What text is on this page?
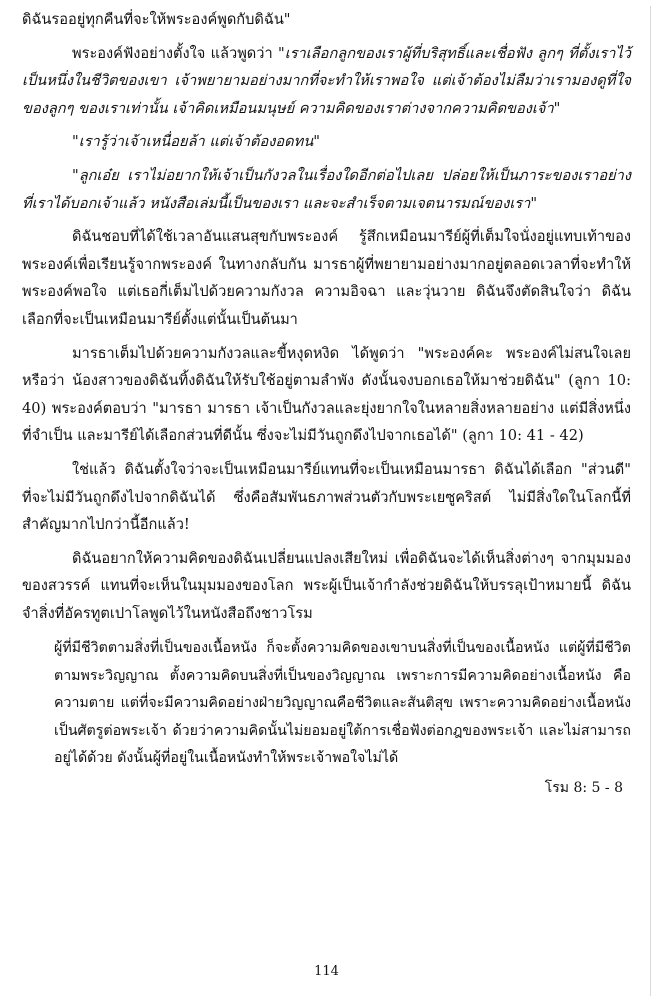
ดิฉันรออยู่ทุกคืนที่จะให้พระองค์พูดกับดิฉัน"

พระองค์ฟังอย่างตั้งใจ แล้วพูดว่า "เราเลือกลูกของเราผู้ที่บริสุทธิ์และเชื่อฟัง ลูกๆ ที่ตั้งเราไว้เป็นหนึ่งในชีวิตของเขา เจ้าพยายามอย่างมากที่จะทำให้เราพอใจ แต่เจ้าต้องไม่ลืมว่าเรามองดูที่ใจของลูกๆ ของเราเท่านั้น เจ้าคิดเหมือนมนุษย์ ความคิดของเราต่างจากความคิดของเจ้า"

"เรารู้ว่าเจ้าเหนื่อยล้า แต่เจ้าต้องอดทน"

"ลูกเอ๋ย เราไม่อยากให้เจ้าเป็นกังวลในเรื่องใดอีกต่อไปเลย ปล่อยให้เป็นภาระของเราอย่างที่เราได้บอกเจ้าแล้ว หนังสือเล่มนี้เป็นของเรา และจะสำเร็จตามเจตนารมณ์ของเรา"

ดิฉันชอบที่ได้ใช้เวลาอันแสนสุขกับพระองค์ รู้สึกเหมือนมารีย์ผู้ที่เต็มใจนั่งอยู่แทบเท้าของพระองค์เพื่อเรียนรู้จากพระองค์ ในทางกลับกัน มารธาผู้ที่พยายามอย่างมากอยู่ตลอดเวลาที่จะทำให้พระองค์พอใจ แต่เธอกี่เต็มไปด้วยความกังวล ความอิจฉา และวุ่นวาย ดิฉันจึงตัดสินใจว่า ดิฉันเลือกที่จะเป็นเหมือนมารีย์ตั้งแต่นั้นเป็นต้นมา

มารธาเต็มไปด้วยความกังวลและขี้หงุดหงิด ได้พูดว่า "พระองค์คะ พระองค์ไม่สนใจเลยหรือว่า น้องสาวของดิฉันทิ้งดิฉันให้รับใช้อยู่ตามลำพัง ดังนั้นจงบอกเธอให้มาช่วยดิฉัน" (ลูกา 10: 40) พระองค์ตอบว่า "มารธา มารธา เจ้าเป็นกังวลและยุ่งยากใจในหลายสิ่งหลายอย่าง แต่มีสิ่งหนึ่งที่จำเป็น และมารีย์ได้เลือกส่วนที่ดีนั้น ซึ่งจะไม่มีวันถูกดึงไปจากเธอได้" (ลูกา 10: 41 - 42)

ใช่แล้ว ดิฉันตั้งใจว่าจะเป็นเหมือนมารีย์แทนที่จะเป็นเหมือนมารธา ดิฉันได้เลือก "ส่วนดี" ที่จะไม่มีวันถูกดึงไปจากดิฉันได้ ซึ่งคือสัมพันธภาพส่วนตัวกับพระเยซูคริสต์ ไม่มีสิ่งใดในโลกนี้ที่สำคัญมากไปกว่านี้อีกแล้ว!

ดิฉันอยากให้ความคิดของดิฉันเปลี่ยนแปลงเสียใหม่ เพื่อดิฉันจะได้เห็นสิ่งต่างๆ จากมุมมองของสวรรค์ แทนที่จะเห็นในมุมมองของโลก พระผู้เป็นเจ้ากำลังช่วยดิฉันให้บรรลุเป้าหมายนี้ ดิฉันจำสิ่งที่อัครทูตเปาโลพูดไว้ในหนังสือถึงชาวโรม

ผู้ที่มีชีวิตตามสิ่งที่เป็นของเนื้อหนัง ก็จะตั้งความคิดของเขาบนสิ่งที่เป็นของเนื้อหนัง แต่ผู้ที่มีชีวิตตามพระวิญญาณ ตั้งความคิดบนสิ่งที่เป็นของวิญญาณ เพราะการมีความคิดอย่างเนื้อหนัง คือความตาย แต่ที่จะมีความคิดอย่างฝ่ายวิญญาณคือชีวิตและสันติสุข เพราะความคิดอย่างเนื้อหนังเป็นศัตรูต่อพระเจ้า ด้วยว่าความคิดนั้นไม่ยอมอยู่ใต้การเชื่อฟังต่อกฎของพระเจ้า และไม่สามารถอยู่ได้ด้วย ดังนั้นผู้ที่อยู่ในเนื้อหนังทำให้พระเจ้าพอใจไม่ได้

โรม 8: 5 - 8

114
